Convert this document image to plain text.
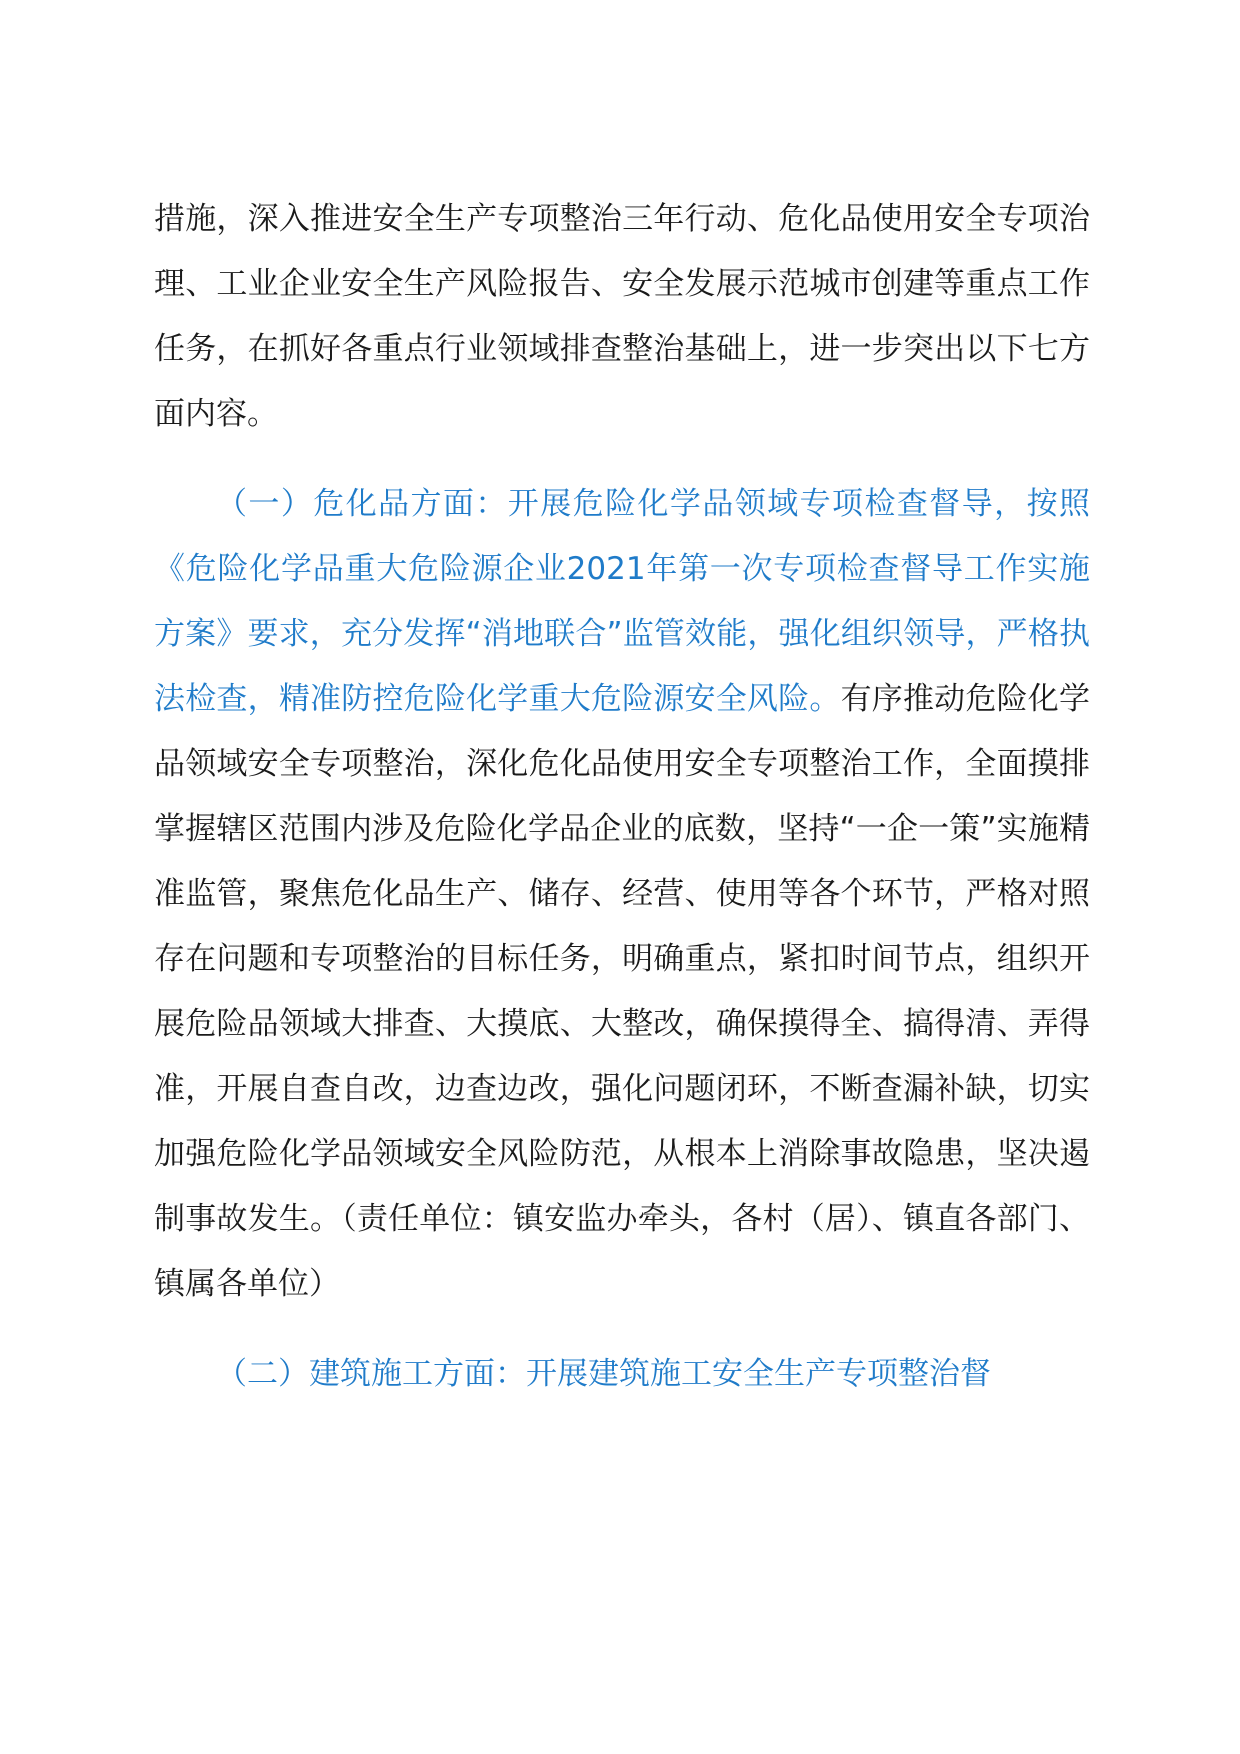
措施，深入推进安全生产专项整治三年行动、危化品使用安全专项治理、工业企业安全生产风险报告、安全发展示范城市创建等重点工作任务，在抓好各重点行业领域排查整治基础上，进一步突出以下七方面内容。

（一）危化品方面：开展危险化学品领域专项检查督导，按照《危险化学品重大危险源企业2021年第一次专项检查督导工作实施方案》要求，充分发挥“消地联合”监管效能，强化组织领导，严格执法检查，精准防控危险化学重大危险源安全风险。有序推动危险化学品领域安全专项整治，深化危化品使用安全专项整治工作，全面摸排掌握辖区范围内涉及危险化学品企业的底数，坚持“一企一策”实施精准监管，聚焦危化品生产、储存、经营、使用等各个环节，严格对照存在问题和专项整治的目标任务，明确重点，紧扣时间节点，组织开展危险品领域大排查、大摸底、大整改，确保摸得全、搞得清、弄得准，开展自查自改，边查边改，强化问题闭环，不断查漏补缺，切实加强危险化学品领域安全风险防范，从根本上消除事故隐患，坚决遏制事故发生。（责任单位：镇安监办牵头，各村（居）、镇直各部门、镇属各单位）

（二）建筑施工方面：开展建筑施工安全生产专项整治督
